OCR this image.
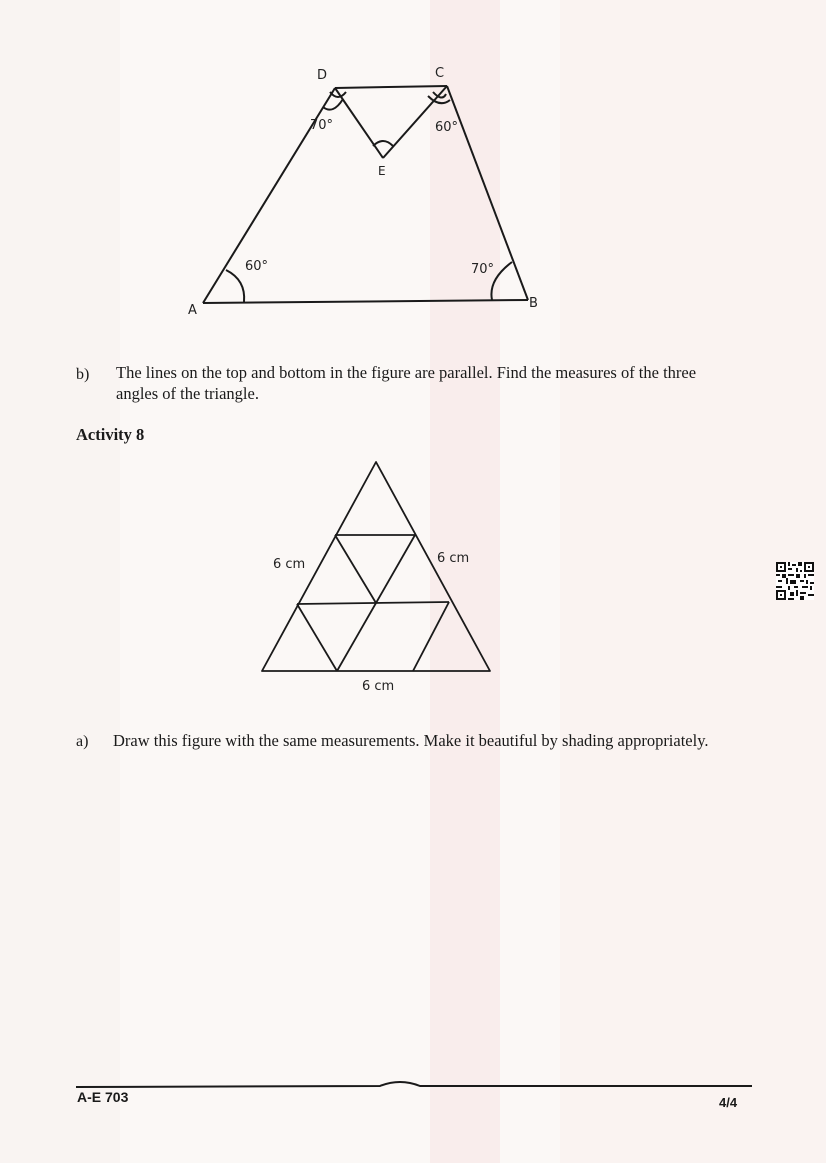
D	C
E
A	B
70°	60°
60°	70°
b) The lines on the top and bottom in the figure are parallel. Find the measures of the three
angles of the triangle.
Activity 8
6 cm	6 cm
6 cm
a) Draw this figure with the same measurements. Make it beautiful by shading appropriately.
A-E 703	4/4
